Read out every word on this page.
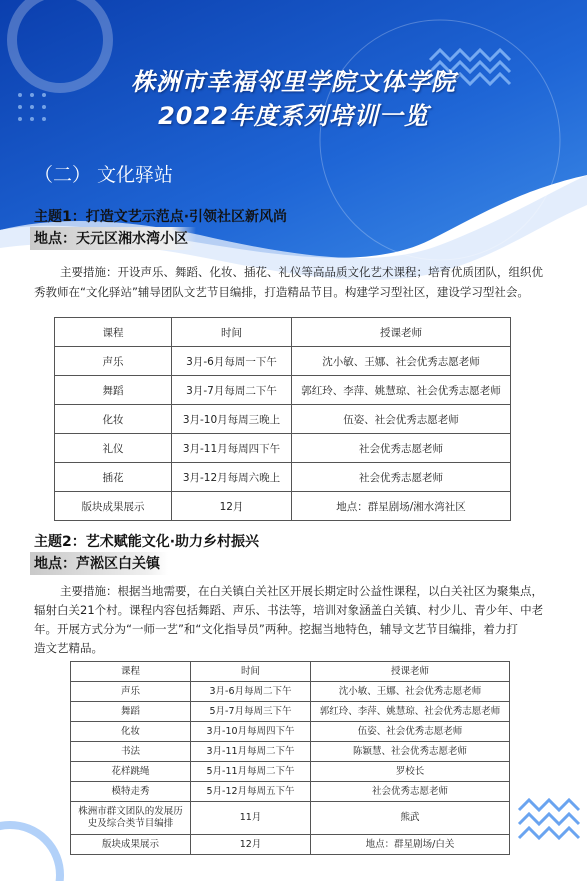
株洲市幸福邻里学院文体学院
2022年度系列培训一览
（二） 文化驿站
主题1：打造文艺示范点·引领社区新风尚
地点：天元区湘水湾小区
主要措施：开设声乐、舞蹈、化妆、插花、礼仪等高品质文化艺术课程；培育优质团队，组织优
秀教师在“文化驿站”辅导团队文艺节目编排，打造精品节目。构建学习型社区，建设学习型社会。
课程	时间	授课老师
声乐	3月-6月每周一下午	沈小敏、王娜、社会优秀志愿老师
舞蹈	3月-7月每周二下午	郭红玲、李萍、姚慧琼、社会优秀志愿老师
化妆	3月-10月每周三晚上	伍姿、社会优秀志愿老师
礼仪	3月-11月每周四下午	社会优秀志愿老师
插花	3月-12月每周六晚上	社会优秀志愿老师
版块成果展示	12月	地点：群星剧场/湘水湾社区
主题2：艺术赋能文化·助力乡村振兴
地点：芦淞区白关镇
主要措施：根据当地需要，在白关镇白关社区开展长期定时公益性课程，以白关社区为聚集点，
辐射白关21个村。课程内容包括舞蹈、声乐、书法等，培训对象涵盖白关镇、村少儿、青少年、中老
年。开展方式分为“一师一艺”和“文化指导员”两种。挖掘当地特色，辅导文艺节目编排，着力打
造文艺精品。
课程	时间	授课老师
声乐	3月-6月每周二下午	沈小敏、王娜、社会优秀志愿老师
舞蹈	5月-7月每周三下午	郭红玲、李萍、姚慧琼、社会优秀志愿老师
化妆	3月-10月每周四下午	伍姿、社会优秀志愿老师
书法	3月-11月每周二下午	陈颖慧、社会优秀志愿老师
花样跳绳	5月-11月每周二下午	罗校长
模特走秀	5月-12月每周五下午	社会优秀志愿老师
株洲市群文团队的发展历史及综合类节目编排	11月	熊武
版块成果展示	12月	地点：群星剧场/白关
